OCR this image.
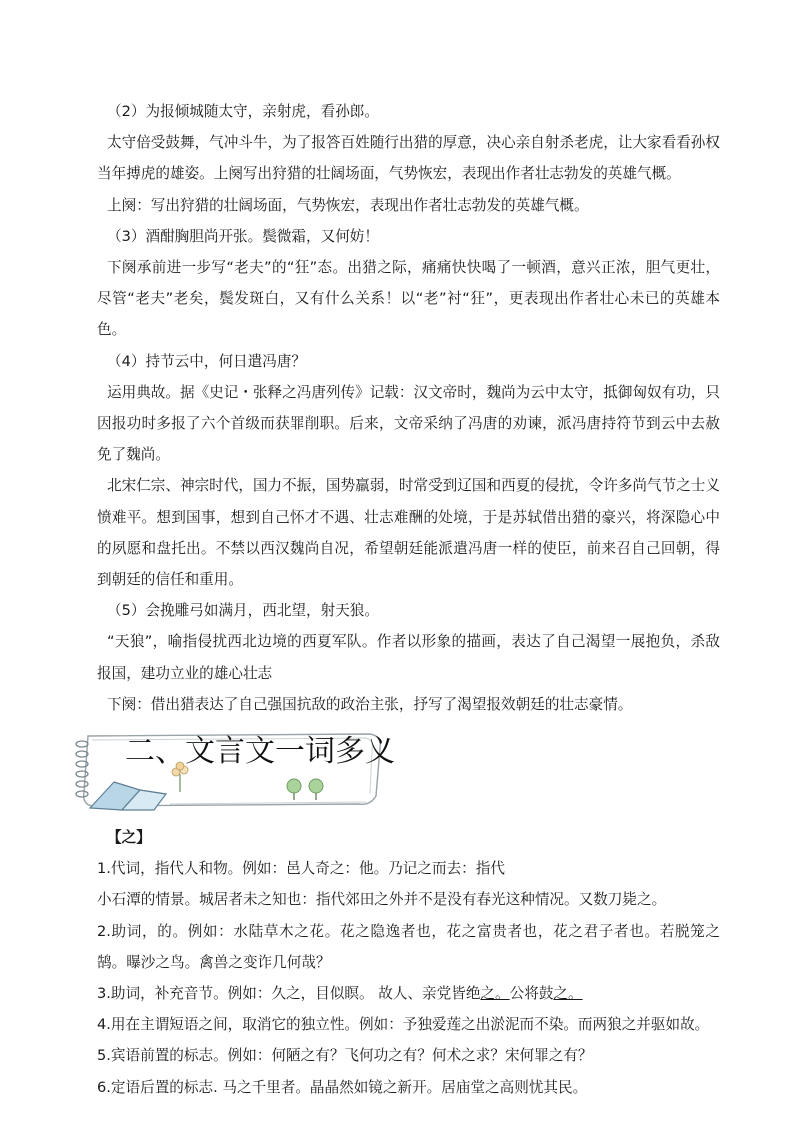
（2）为报倾城随太守，亲射虎，看孙郎。

太守倍受鼓舞，气冲斗牛，为了报答百姓随行出猎的厚意，决心亲自射杀老虎，让大家看看孙权当年搏虎的雄姿。上阕写出狩猎的壮阔场面，气势恢宏，表现出作者壮志勃发的英雄气概。

上阕：写出狩猎的壮阔场面，气势恢宏，表现出作者壮志勃发的英雄气概。

（3）酒酣胸胆尚开张。鬓微霜，又何妨！

下阕承前进一步写“老夫”的“狂”态。出猎之际，痛痛快快喝了一顿酒，意兴正浓，胆气更壮，尽管“老夫”老矣，鬓发斑白，又有什么关系！以“老”衬“狂”，更表现出作者壮心未已的英雄本色。

（4）持节云中，何日遣冯唐？

运用典故。据《史记・张释之冯唐列传》记载：汉文帝时，魏尚为云中太守，抵御匈奴有功，只因报功时多报了六个首级而获罪削职。后来，文帝采纳了冯唐的劝谏，派冯唐持符节到云中去赦免了魏尚。

北宋仁宗、神宗时代，国力不振，国势羸弱，时常受到辽国和西夏的侵扰，令许多尚气节之士义愤难平。想到国事，想到自己怀才不遇、壮志难酬的处境，于是苏轼借出猎的豪兴，将深隐心中的夙愿和盘托出。不禁以西汉魏尚自况，希望朝廷能派遣冯唐一样的使臣，前来召自己回朝，得到朝廷的信任和重用。

（5）会挽雕弓如满月，西北望，射天狼。

“天狼”，喻指侵扰西北边境的西夏军队。作者以形象的描画，表达了自己渴望一展抱负，杀敌报国，建功立业的雄心壮志

下阕：借出猎表达了自己强国抗敌的政治主张，抒写了渴望报效朝廷的壮志豪情。

二、文言文一词多义

【之】

1.代词，指代人和物。例如：邑人奇之：他。乃记之而去：指代

小石潭的情景。城居者未之知也：指代郊田之外并不是没有春光这种情况。又数刀毙之。

2.助词，的。例如：水陆草木之花。花之隐逸者也，花之富贵者也，花之君子者也。若脱笼之鹄。曝沙之鸟。禽兽之变诈几何哉？

3.助词，补充音节。例如：久之，目似瞑。 故人、亲党皆绝之。公将鼓之。

4.用在主谓短语之间，取消它的独立性。例如：予独爱莲之出淤泥而不染。而两狼之并驱如故。

5.宾语前置的标志。例如：何陋之有？飞何功之有？何术之求？宋何罪之有？

6.定语后置的标志. 马之千里者。晶晶然如镜之新开。居庙堂之高则忧其民。
